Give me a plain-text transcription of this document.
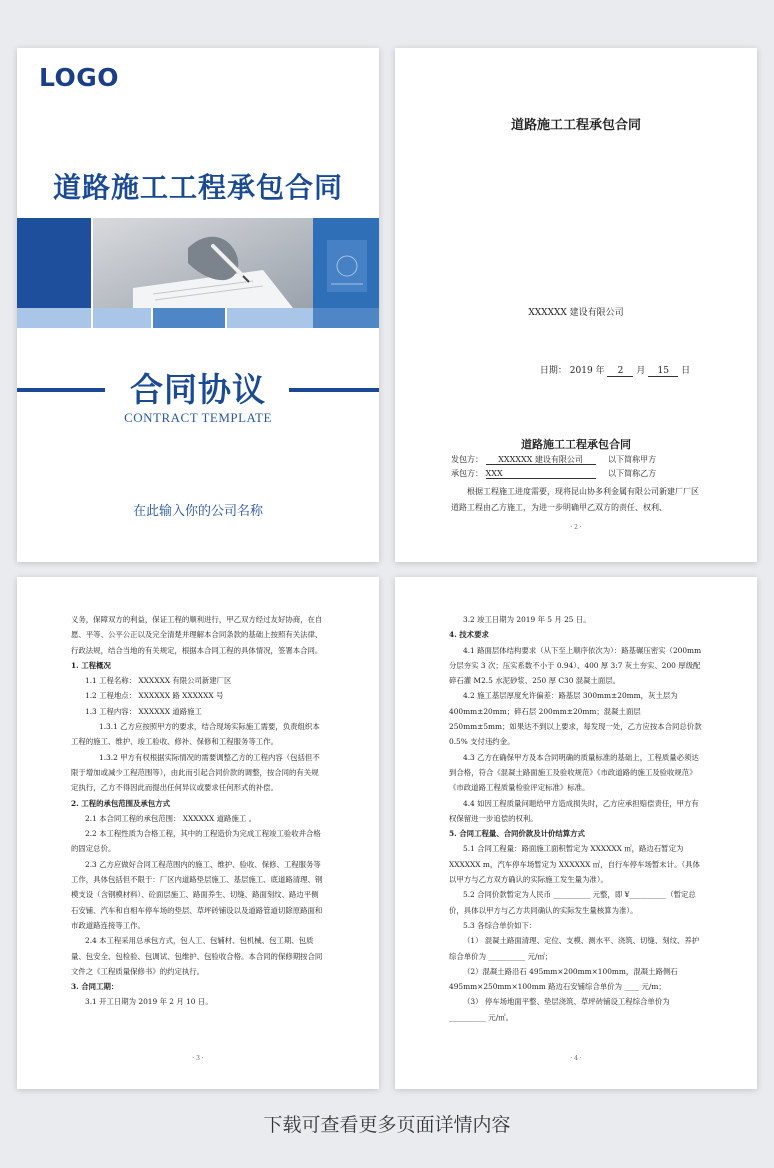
LOGO
道路施工工程承包合同
合同协议
CONTRACT TEMPLATE
在此输入你的公司名称
道路施工工程承包合同
XXXXXX 建设有限公司
日期： 2019 年 2 月 15 日
道路施工工程承包合同
发包方： XXXXXX 建设有限公司	以下简称甲方
承包方： XXX	以下简称乙方
根据工程施工进度需要，现将昆山协多利金属有限公司新建厂厂区道路工程由乙方施工，为进一步明确甲乙双方的责任、权利、
· 2 ·
义务，保障双方的利益，保证工程的顺利进行，甲乙双方经过友好协商，在自愿、平等、公平公正以及完全清楚并理解本合同条款的基础上按照有关法律、行政法规，结合当地的有关规定，根据本合同工程的具体情况，签署本合同。
1. 工程概况
1.1 工程名称： XXXXXX 有限公司新建厂区
1.2 工程地点： XXXXXX 路 XXXXXX 号
1.3 工程内容： XXXXXX 道路施工
1.3.1 乙方应按照甲方的要求，结合现场实际施工需要，负责组织本工程的施工、维护、竣工验收、修补、保修和工程服务等工作。
1.3.2 甲方有权根据实际情况的需要调整乙方的工程内容（包括但不限于增加或减少工程范围等），由此而引起合同价款的调整，按合同的有关规定执行，乙方不得因此而提出任何异议或要求任何形式的补偿。
2. 工程的承包范围及承包方式
2.1 本合同工程的承包范围： XXXXXX 道路施工 。
2.2 本工程性质为合格工程，其中的工程造价为完成工程竣工验收并合格的固定总价。
2.3 乙方应做好合同工程范围内的施工、维护、验收、保修、工程服务等工作，具体包括但不限于：厂区内道路垫层施工、基层施工、底道路清理、钢模支设（含钢模材料）、砼面层施工、路面养生、切缝、路面刻纹、路边平侧石安铺、汽车和自相车停车场的垫层、草坪砖铺设以及道路管道切除原路面和市政道路连接等工作。
2.4 本工程采用总承包方式，包人工、包辅材、包机械、包工期、包质量、包安全、包检验、包调试、包维护、包验收合格。本合同的保修期按合同文件之《工程质量保修书》的约定执行。
3. 合同工期：
3.1 开工日期为 2019 年 2 月 10 日。
· 3 ·
3.2 竣工日期为 2019 年 5 月 25 日。
4. 技术要求
4.1 路面层体结构要求（从下至上顺序依次为）：路基碾压密实（200mm 分层夯实 3 次；压实系数不小于 0.94）、400 厚 3:7 灰土夯实、200 厚级配碎石灌 M2.5 水泥砂浆、250 厚 C30 混凝土面层。
4.2 施工基层厚度允许偏差：路基层 300mm±20mm，灰土层为 400mm±20mm；碎石层 200mm±20mm；混凝土面层 250mm±5mm；如果达不到以上要求，每发现一处，乙方应按本合同总价款 0.5% 支付违约金。
4.3 乙方在确保甲方及本合同明确的质量标准的基础上，工程质量必须达到合格，符合《混凝土路面施工及验收规范》《市政道路的施工及验收规范》《市政道路工程质量检验评定标准》标准。
4.4 如因工程质量问题给甲方造成损失时，乙方应承担赔偿责任，甲方有权保留进一步追偿的权利。
5. 合同工程量、合同价款及计价结算方式
5.1 合同工程量：路面施工面积暂定为 XXXXXX ㎡，路边石暂定为 XXXXXX m，汽车停车场暂定为 XXXXXX ㎡，自行车停车场暂未计。（具体以甲方与乙方双方确认的实际施工发生量为准）。
5.2 合同价款暂定为人民币 __________ 元整，即 ¥__________（暂定总价，具体以甲方与乙方共同确认的实际发生量核算为准）。
5.3 各综合单价如下：
（1） 混凝土路面清理、定位、支模、测水平、浇筑、切缝、刻纹、养护综合单价为 __________ 元/㎡；
（2）混凝土路沿石 495mm×200mm×100mm，混凝土路侧石 495mm×250mm×100mm 路边石安铺综合单价为 ____ 元/m；
（3） 停车场地面平整、垫层浇筑、草坪砖铺设工程综合单价为 __________ 元/㎡。
· 4 ·
下载可查看更多页面详情内容
